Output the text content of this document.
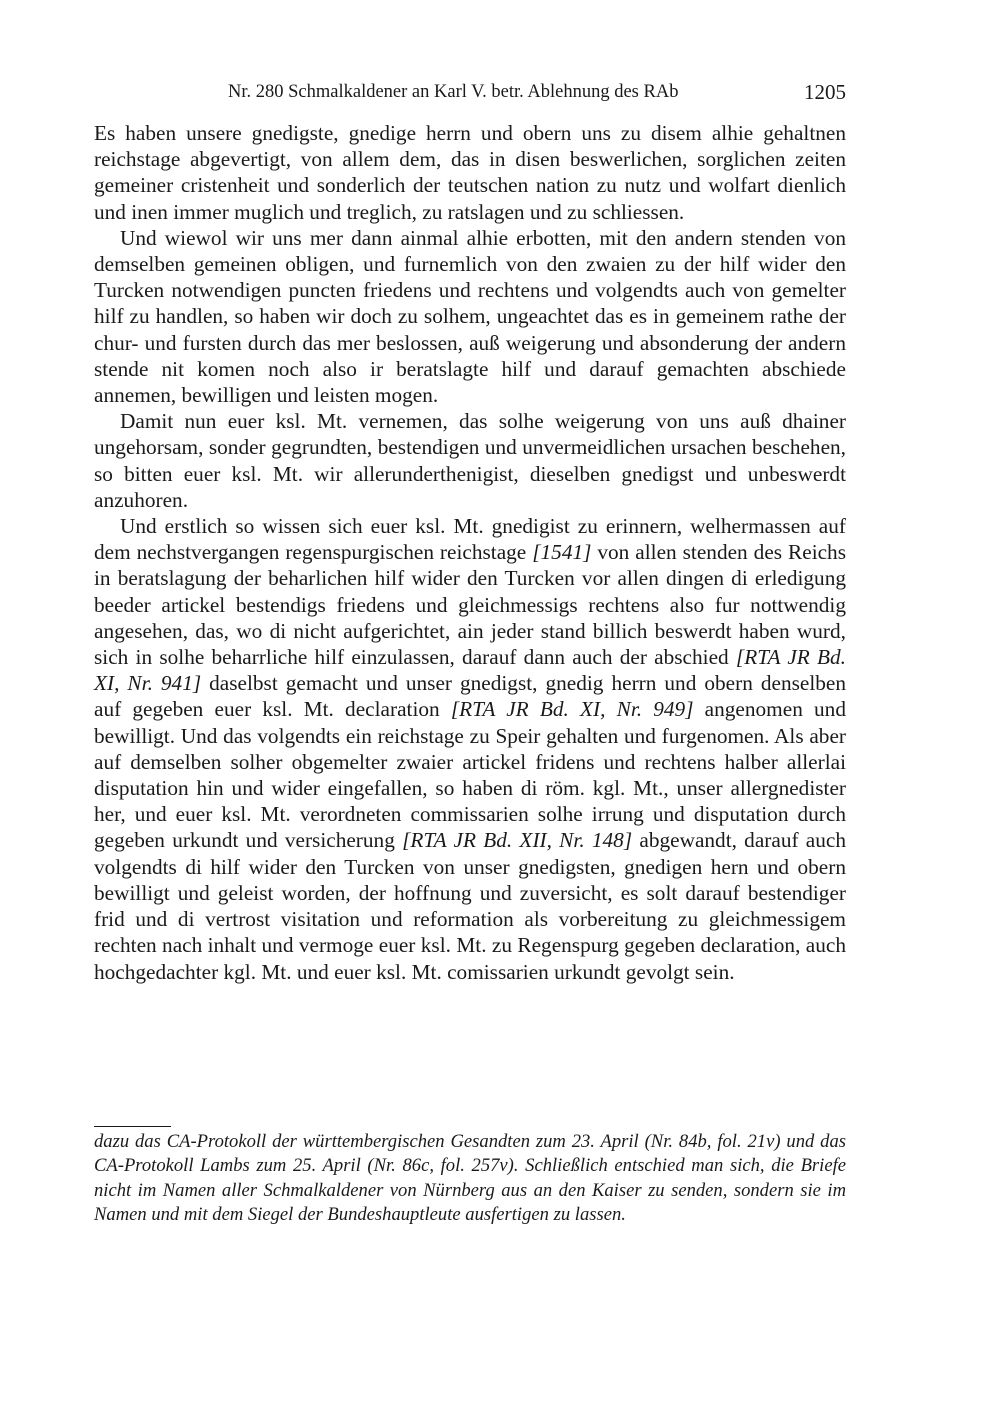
Nr. 280 Schmalkaldener an Karl V. betr. Ablehnung des RAb	1205

Es haben unsere gnedigste, gnedige herrn und obern uns zu disem alhie gehaltnen reichstage abgevertigt, von allem dem, das in disen beswerlichen, sorglichen zeiten gemeiner cristenheit und sonderlich der teutschen nation zu nutz und wolfart dienlich und inen immer muglich und treglich, zu ratslagen und zu schliessen.

Und wiewol wir uns mer dann ainmal alhie erbotten, mit den andern stenden von demselben gemeinen obligen, und furnemlich von den zwaien zu der hilf wider den Turcken notwendigen puncten friedens und rechtens und volgendts auch von gemelter hilf zu handlen, so haben wir doch zu solhem, ungeachtet das es in gemeinem rathe der chur- und fursten durch das mer beslossen, auß weigerung und absonderung der andern stende nit komen noch also ir beratslagte hilf und darauf gemachten abschiede annemen, bewilligen und leisten mogen.

Damit nun euer ksl. Mt. vernemen, das solhe weigerung von uns auß dhainer ungehorsam, sonder gegrundten, bestendigen und unvermeidlichen ursachen beschehen, so bitten euer ksl. Mt. wir allerunderthenigist, dieselben gnedigst und unbeswerdt anzuhoren.

Und erstlich so wissen sich euer ksl. Mt. gnedigist zu erinnern, welhermassen auf dem nechstvergangen regenspurgischen reichstage [1541] von allen stenden des Reichs in beratslagung der beharlichen hilf wider den Turcken vor allen dingen di erledigung beeder artickel bestendigs friedens und gleichmessigs rechtens also fur nottwendig angesehen, das, wo di nicht aufgerichtet, ain jeder stand billich beswerdt haben wurd, sich in solhe beharrliche hilf einzulassen, darauf dann auch der abschied [RTA JR Bd. XI, Nr. 941] daselbst gemacht und unser gnedigst, gnedig herrn und obern denselben auf gegeben euer ksl. Mt. declaration [RTA JR Bd. XI, Nr. 949] angenomen und bewilligt. Und das volgendts ein reichstage zu Speir gehalten und furgenomen. Als aber auf demselben solher obgemelter zwaier artickel fridens und rechtens halber allerlai disputation hin und wider eingefallen, so haben di röm. kgl. Mt., unser allergnedister her, und euer ksl. Mt. verordneten commissarien solhe irrung und disputation durch gegeben urkundt und versicherung [RTA JR Bd. XII, Nr. 148] abgewandt, darauf auch volgendts di hilf wider den Turcken von unser gnedigsten, gnedigen hern und obern bewilligt und geleist worden, der hoffnung und zuversicht, es solt darauf bestendiger frid und di vertrost visitation und reformation als vorbereitung zu gleichmessigem rechten nach inhalt und vermoge euer ksl. Mt. zu Regenspurg gegeben declaration, auch hochgedachter kgl. Mt. und euer ksl. Mt. comissarien urkundt gevolgt sein.

dazu das CA-Protokoll der württembergischen Gesandten zum 23. April (Nr. 84b, fol. 21v) und das CA-Protokoll Lambs zum 25. April (Nr. 86c, fol. 257v). Schließlich entschied man sich, die Briefe nicht im Namen aller Schmalkaldener von Nürnberg aus an den Kaiser zu senden, sondern sie im Namen und mit dem Siegel der Bundeshauptleute ausfertigen zu lassen.
